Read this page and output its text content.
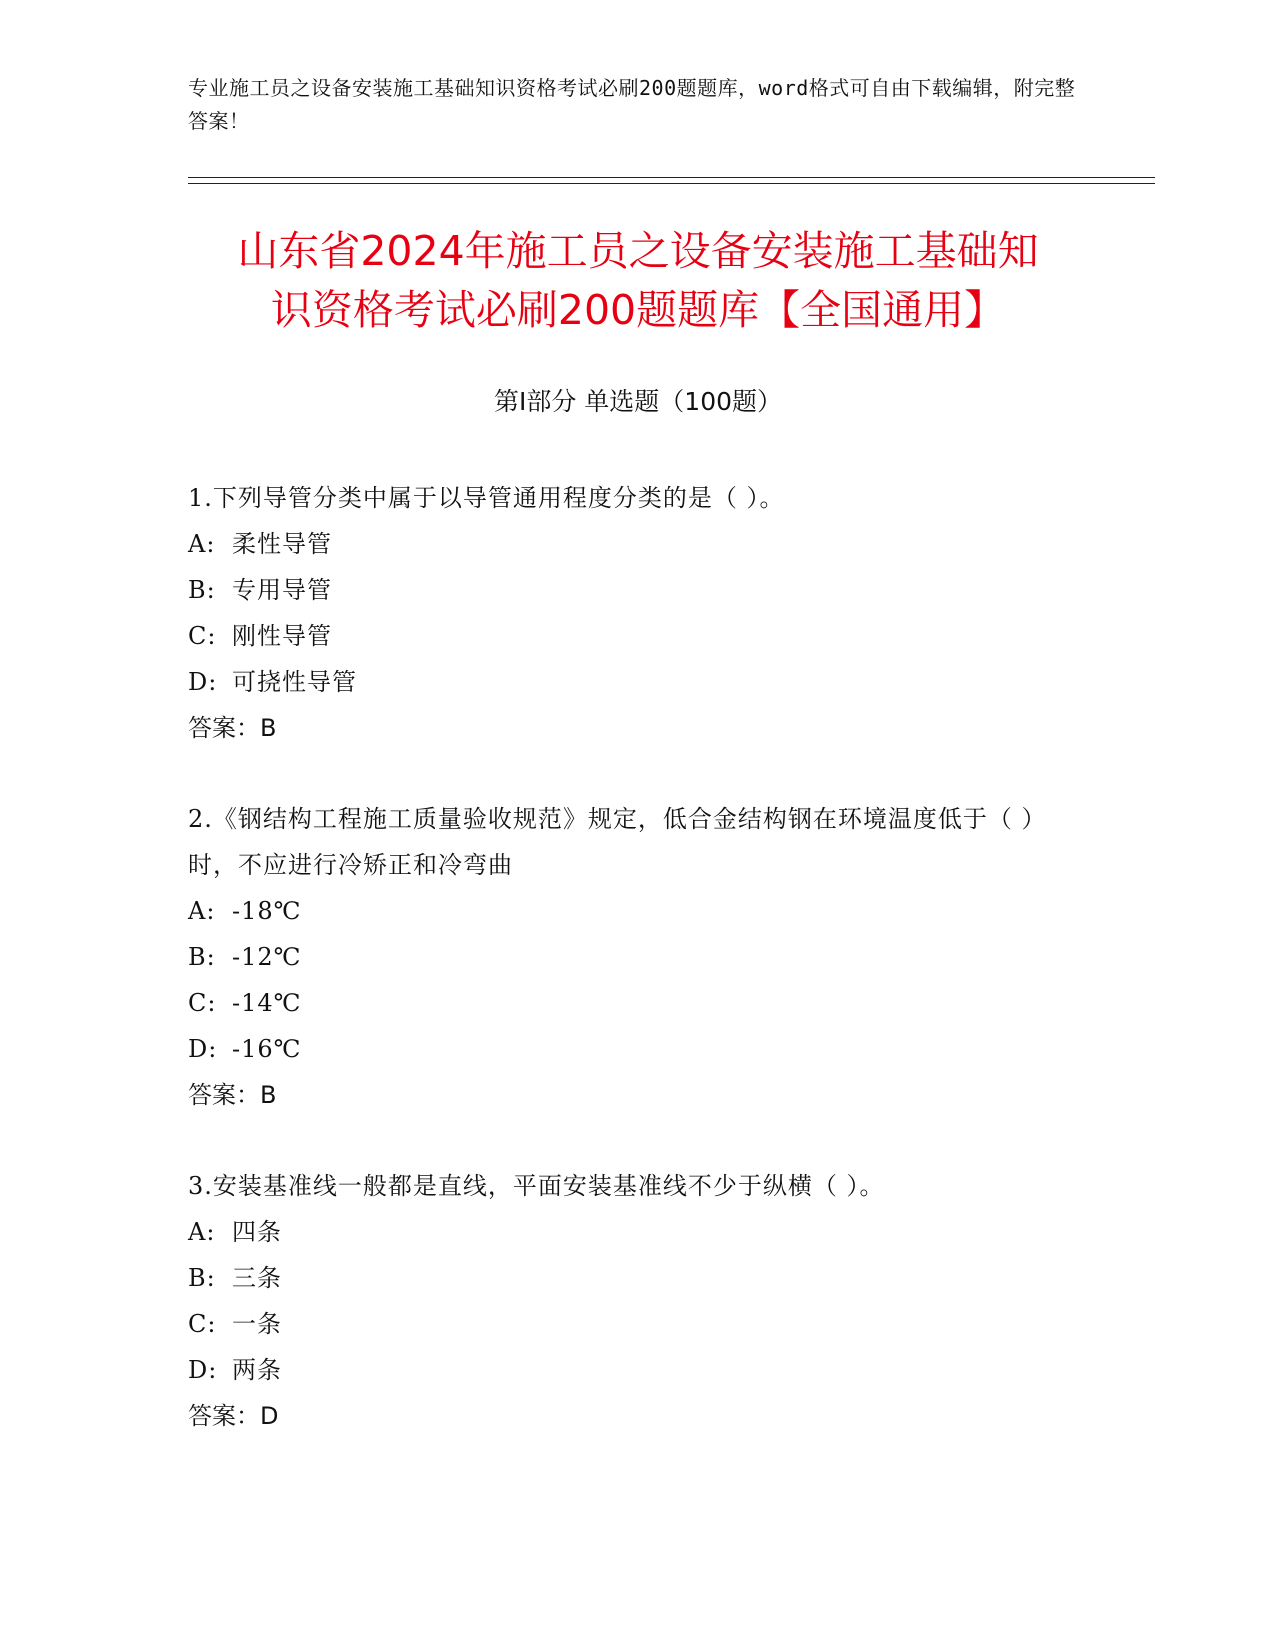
专业施工员之设备安装施工基础知识资格考试必刷200题题库，word格式可自由下载编辑，附完整答案！
山东省2024年施工员之设备安装施工基础知
识资格考试必刷200题题库【全国通用】
第Ⅰ部分 单选题（100题）
1.下列导管分类中属于以导管通用程度分类的是（ ）。
A: 柔性导管
B: 专用导管
C: 刚性导管
D: 可挠性导管
答案：B
2.《钢结构工程施工质量验收规范》规定，低合金结构钢在环境温度低于（ ）时，不应进行冷矫正和冷弯曲
A: -18℃
B: -12℃
C: -14℃
D: -16℃
答案：B
3.安装基准线一般都是直线，平面安装基准线不少于纵横（ ）。
A: 四条
B: 三条
C: 一条
D: 两条
答案：D
